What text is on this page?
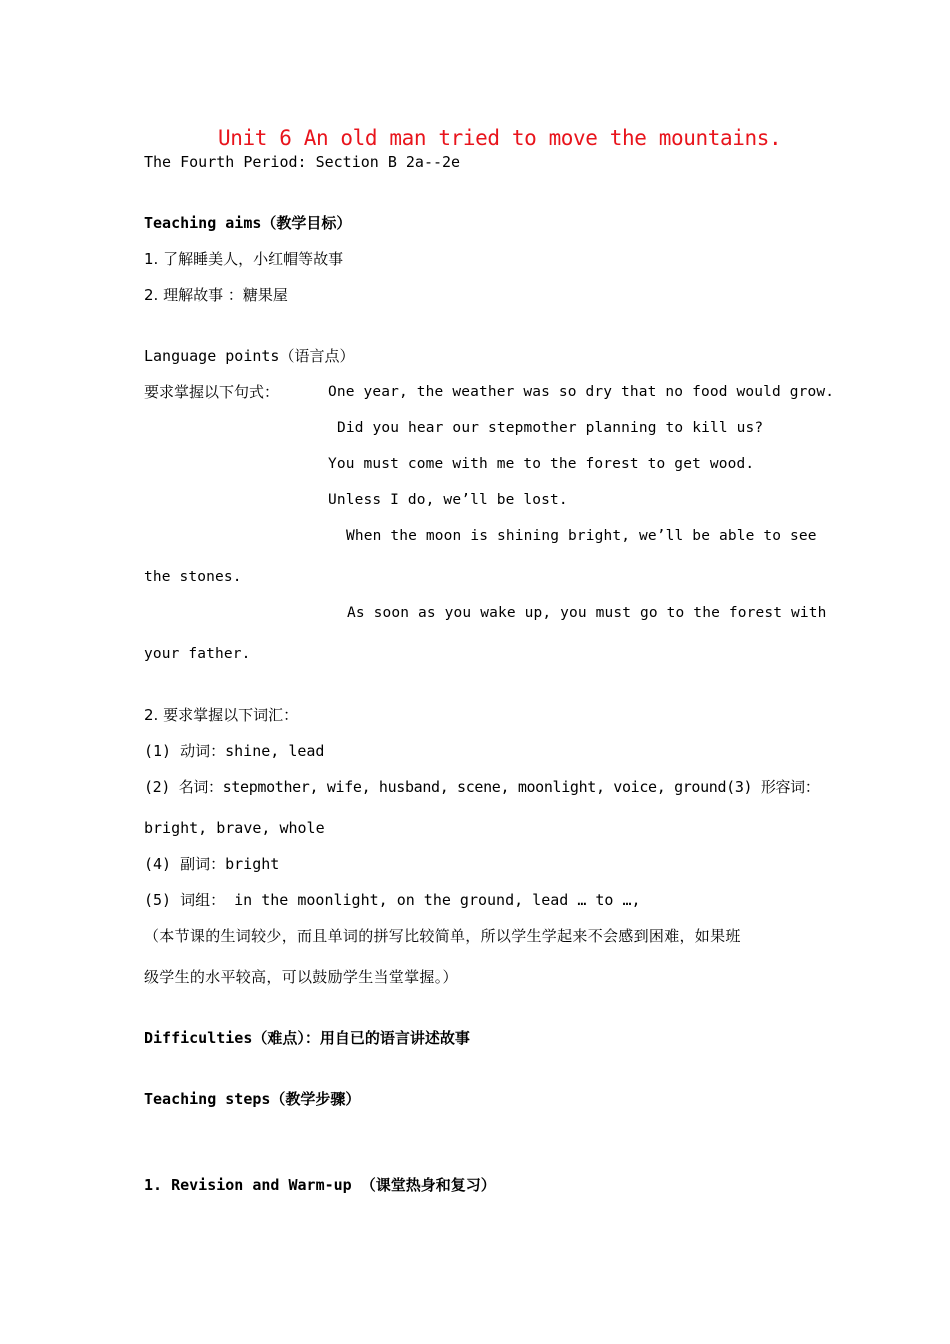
Unit 6 An old man tried to move the mountains.
The Fourth Period: Section B 2a--2e
Teaching aims（教学目标）
1. 了解睡美人，小红帽等故事
2. 理解故事 ：糖果屋
Language points（语言点）
要求掌握以下句式：	One year, the weather was so dry that no food would grow.
Did you hear our stepmother planning to kill us?
You must come with me to the forest to get wood.
Unless I do, we’ll be lost.
When the moon is shining bright, we’ll be able to see
the stones.
As soon as you wake up, you must go to the forest with
your father.
2. 要求掌握以下词汇：
(1) 动词：shine, lead
(2) 名词：stepmother, wife, husband, scene, moonlight, voice, ground(3) 形容词：
bright, brave, whole
(4) 副词：bright
(5) 词组： in the moonlight, on the ground, lead … to …,
（本节课的生词较少，而且单词的拼写比较简单，所以学生学起来不会感到困难，如果班
级学生的水平较高，可以鼓励学生当堂掌握。）
Difficulties（难点）：用自已的语言讲述故事
Teaching steps（教学步骤）
1. Revision and Warm-up （课堂热身和复习）
